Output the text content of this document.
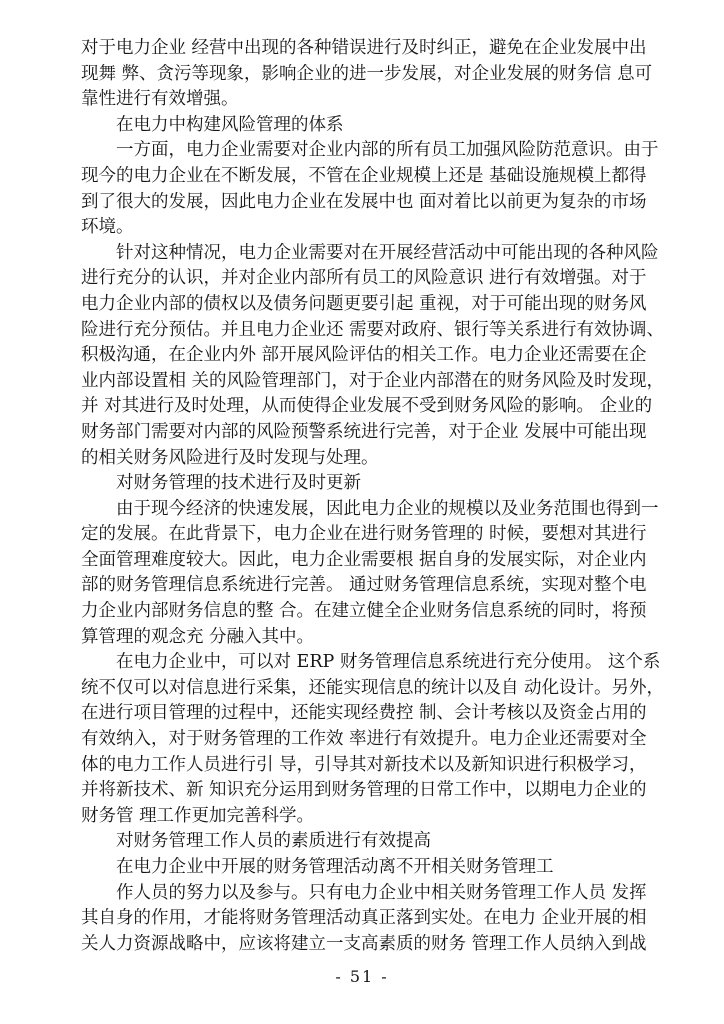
对于电力企业 经营中出现的各种错误进行及时纠正，避免在企业发展中出
现舞 弊、贪污等现象，影响企业的进一步发展，对企业发展的财务信 息可
靠性进行有效增强。
在电力中构建风险管理的体系
一方面，电力企业需要对企业内部的所有员工加强风险防范意识。由于
现今的电力企业在不断发展，不管在企业规模上还是 基础设施规模上都得
到了很大的发展，因此电力企业在发展中也 面对着比以前更为复杂的市场
环境。
针对这种情况，电力企业需要对在开展经营活动中可能出现的各种风险
进行充分的认识，并对企业内部所有员工的风险意识 进行有效增强。对于
电力企业内部的债权以及债务问题更要引起 重视，对于可能出现的财务风
险进行充分预估。并且电力企业还 需要对政府、银行等关系进行有效协调、
积极沟通，在企业内外 部开展风险评估的相关工作。电力企业还需要在企
业内部设置相 关的风险管理部门，对于企业内部潜在的财务风险及时发现，
并 对其进行及时处理，从而使得企业发展不受到财务风险的影响。 企业的
财务部门需要对内部的风险预警系统进行完善，对于企业 发展中可能出现
的相关财务风险进行及时发现与处理。
对财务管理的技术进行及时更新
由于现今经济的快速发展，因此电力企业的规模以及业务范围也得到一
定的发展。在此背景下，电力企业在进行财务管理的 时候，要想对其进行
全面管理难度较大。因此，电力企业需要根 据自身的发展实际，对企业内
部的财务管理信息系统进行完善。 通过财务管理信息系统，实现对整个电
力企业内部财务信息的整 合。在建立健全企业财务信息系统的同时，将预
算管理的观念充 分融入其中。
在电力企业中，可以对 ERP 财务管理信息系统进行充分使用。 这个系
统不仅可以对信息进行采集，还能实现信息的统计以及自 动化设计。另外，
在进行项目管理的过程中，还能实现经费控 制、会计考核以及资金占用的
有效纳入，对于财务管理的工作效 率进行有效提升。电力企业还需要对全
体的电力工作人员进行引 导，引导其对新技术以及新知识进行积极学习，
并将新技术、新 知识充分运用到财务管理的日常工作中，以期电力企业的
财务管 理工作更加完善科学。
对财务管理工作人员的素质进行有效提高
在电力企业中开展的财务管理活动离不开相关财务管理工
作人员的努力以及参与。只有电力企业中相关财务管理工作人员 发挥
其自身的作用，才能将财务管理活动真正落到实处。在电力 企业开展的相
关人力资源战略中，应该将建立一支高素质的财务 管理工作人员纳入到战
- 51 -
